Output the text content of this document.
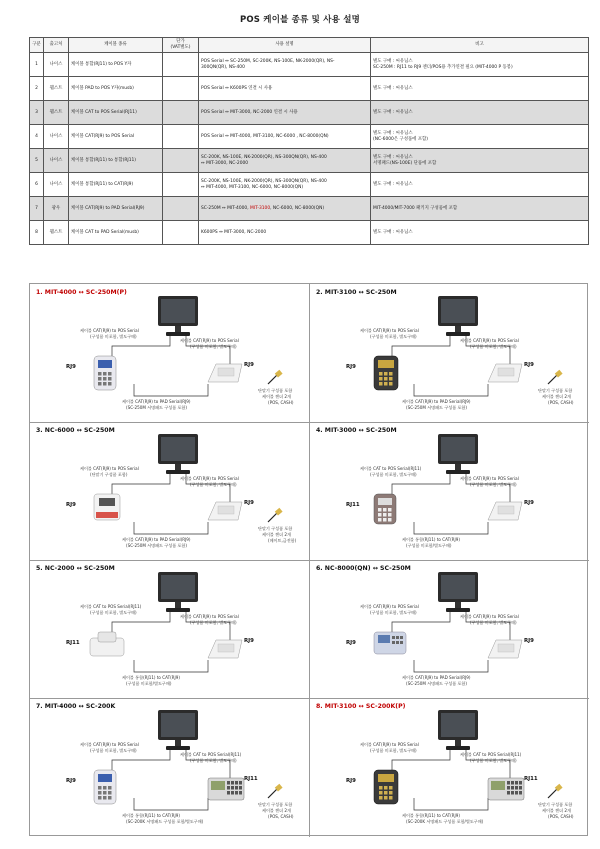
POS 케이블 종류 및 사용 설명
구분	출고처	케이블 종류	단가
(VAT별도)	사용 설명	비고
1	나이스	케이블 통합(RJ11) to POS Y자		POS Serial ↔ SC-250M, SC-200K, NS-100E, NK-2000(QR), NS-
300QN(QR), NS-400	별도 구매 : 씨유님스
SC-250M : RJ11 to RJ9 젠더/POS용 추가연결 필요 (MIT-4000 P 동봉)

2	웰스트	케이블 PAD to POS Y자(musb)		POS Serial ↔ K600PS 연결 시 사용	별도 구매 : 씨유님스

3	웰스트	케이블 CAT to POS Serial(RJ11)		POS Serial ↔ MIT-3000, NC-2000 연결 시 사용	별도 구매 : 씨유님스

4	나이스	케이블 CAT(RJ9) to POS Serial		POS Serial ↔ MIT-4000, MIT-3100, NC-6000 , NC-8000(QN)	별도 구매 : 씨유님스
(NC-6000은 구성품에 포함)

5	나이스	케이블 통합(RJ11) to 통합(RJ11)		SC-200K, NS-100E, NK-2000(QR), NS-300QN(QR), NS-400
↔ MIT-3000, NC-2000	별도 구매 : 씨유님스
서명패드(NS-100E) 단품에 포함

6	나이스	케이블 통합(RJ11) to CAT(RJ9)		SC-200K, NS-100E, NK-2000(QR), NS-300QN(QR), NS-400
↔ MIT-4000, MIT-3100, NC-6000, NC-8000(QN)	별도 구매 : 씨유님스

7	광우	케이블 CAT(RJ9) to PAD Serial(RJ9)		SC-250M ↔ MIT-4000, MIT-3100, NC-6000, NC-8000(QN)	MIT-4000/MIT-7000 패키지 구성품에 포함

8	웰스트	케이블 CAT to PAD Serial(musb)		K600PS ↔ MIT-3000, NC-2000	별도 구매 : 씨유님스
1. MIT-4000 ↔ SC-250M(P)
케이블 CAT(RJ9) to POS Serial
(구성품 미포함, 별도구매)
케이블 CAT(RJ9) to POS Serial
(구성품 미포함, 별도구매)
케이블 CAT(RJ9) to PAD Serial(RJ9)
(SC-250M 서명패드 구성품 포함)
RJ9	RJ9
단말기 구성품 포함
케이블 젠더 2개
(POS, CASH)
2. MIT-3100 ↔ SC-250M
케이블 CAT(RJ9) to POS Serial
(구성품 미포함, 별도구매)
케이블 CAT(RJ9) to POS Serial
(구성품 미포함, 별도구매)
케이블 CAT(RJ9) to PAD Serial(RJ9)
(SC-250M 서명패드 구성품 포함)
RJ9	RJ9
단말기 구성품 포함
케이블 젠더 2개
(POS, CASH)
3. NC-6000 ↔ SC-250M
케이블 CAT(RJ9) to POS Serial
(단말기 구성품 포함)
케이블 CAT(RJ9) to POS Serial
(구성품 미포함, 별도구매)
케이블 CAT(RJ9) to PAD Serial(RJ9)
(SC-250M 서명패드 구성품 포함)
RJ9	RJ9
단말기 구성품 포함
케이블 젠더 2개
(메이트,금전함)
4. MIT-3000 ↔ SC-250M
케이블 CAT to POS Serial(RJ11)
(구성품 미포함, 별도구매)
케이블 CAT(RJ9) to POS Serial
(구성품 미포함, 별도구매)
케이블 통합(RJ11) to CAT(RJ9)
(구성품 미포함/별도구매)
RJ11	RJ9
5. NC-2000 ↔ SC-250M
케이블 CAT to POS Serial(RJ11)
(구성품 미포함, 별도구매)
케이블 CAT(RJ9) to POS Serial
(구성품 미포함, 별도구매)
케이블 통합(RJ11) to CAT(RJ9)
(구성품 미포함/별도구매)
RJ11	RJ9
6. NC-8000(QN) ↔ SC-250M
케이블 CAT(RJ9) to POS Serial
(구성품 미포함, 별도구매)
케이블 CAT(RJ9) to POS Serial
(구성품 미포함, 별도구매)
케이블 CAT(RJ9) to PAD Serial(RJ9)
(SC-250M 서명패드 구성품 포함)
RJ9	RJ9
7. MIT-4000 ↔ SC-200K
케이블 CAT(RJ9) to POS Serial
(구성품 미포함, 별도구매)
케이블 CAT to POS Serial(RJ11)
(구성품 미포함, 별도구매)
케이블 통합(RJ11) to CAT(RJ9)
(SC-200K 서명패드 구성품 포함/별도구매)
RJ9	RJ11
단말기 구성품 포함
케이블 젠더 2개
(POS, CASH)
8. MIT-3100 ↔ SC-200K(P)
케이블 CAT(RJ9) to POS Serial
(구성품 미포함, 별도구매)
케이블 CAT to POS Serial(RJ11)
(구성품 미포함, 별도구매)
케이블 통합(RJ11) to CAT(RJ9)
(SC-200K 서명패드 구성품 포함/별도구매)
RJ9	RJ11
단말기 구성품 포함
케이블 젠더 2개
(POS, CASH)
